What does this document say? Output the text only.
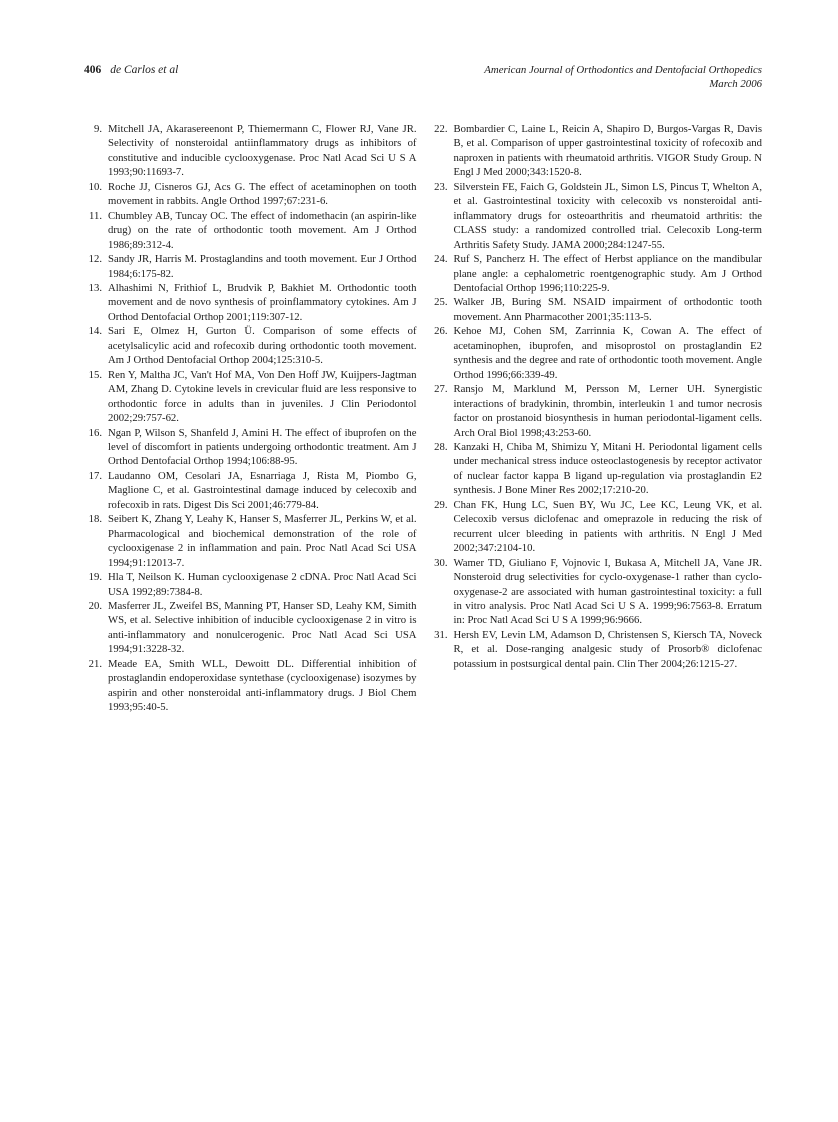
406 de Carlos et al	American Journal of Orthodontics and Dentofacial Orthopedics
March 2006
9. Mitchell JA, Akarasereenont P, Thiemermann C, Flower RJ, Vane JR. Selectivity of nonsteroidal antiinflammatory drugs as inhibitors of constitutive and inducible cyclooxygenase. Proc Natl Acad Sci U S A 1993;90:11693-7.
10. Roche JJ, Cisneros GJ, Acs G. The effect of acetaminophen on tooth movement in rabbits. Angle Orthod 1997;67:231-6.
11. Chumbley AB, Tuncay OC. The effect of indomethacin (an aspirin-like drug) on the rate of orthodontic tooth movement. Am J Orthod 1986;89:312-4.
12. Sandy JR, Harris M. Prostaglandins and tooth movement. Eur J Orthod 1984;6:175-82.
13. Alhashimi N, Frithiof L, Brudvik P, Bakhiet M. Orthodontic tooth movement and de novo synthesis of proinflammatory cytokines. Am J Orthod Dentofacial Orthop 2001;119:307-12.
14. Sari E, Olmez H, Gurton Ü. Comparison of some effects of acetylsalicylic acid and rofecoxib during orthodontic tooth movement. Am J Orthod Dentofacial Orthop 2004;125:310-5.
15. Ren Y, Maltha JC, Van't Hof MA, Von Den Hoff JW, Kuijpers-Jagtman AM, Zhang D. Cytokine levels in crevicular fluid are less responsive to orthodontic force in adults than in juveniles. J Clin Periodontol 2002;29:757-62.
16. Ngan P, Wilson S, Shanfeld J, Amini H. The effect of ibuprofen on the level of discomfort in patients undergoing orthodontic treatment. Am J Orthod Dentofacial Orthop 1994;106:88-95.
17. Laudanno OM, Cesolari JA, Esnarriaga J, Rista M, Piombo G, Maglione C, et al. Gastrointestinal damage induced by celecoxib and rofecoxib in rats. Digest Dis Sci 2001;46:779-84.
18. Seibert K, Zhang Y, Leahy K, Hanser S, Masferrer JL, Perkins W, et al. Pharmacological and biochemical demonstration of the role of cyclooxigenase 2 in inflammation and pain. Proc Natl Acad Sci USA 1994;91:12013-7.
19. Hla T, Neilson K. Human cyclooxigenase 2 cDNA. Proc Natl Acad Sci USA 1992;89:7384-8.
20. Masferrer JL, Zweifel BS, Manning PT, Hanser SD, Leahy KM, Simith WS, et al. Selective inhibition of inducible cyclooxigenase 2 in vitro is anti-inflammatory and nonulcerogenic. Proc Natl Acad Sci USA 1994;91:3228-32.
21. Meade EA, Smith WLL, Dewoitt DL. Differential inhibition of prostaglandin endoperoxidase syntethase (cyclooxigenase) isozymes by aspirin and other nonsteroidal anti-inflammatory drugs. J Biol Chem 1993;95:40-5.
22. Bombardier C, Laine L, Reicin A, Shapiro D, Burgos-Vargas R, Davis B, et al. Comparison of upper gastrointestinal toxicity of rofecoxib and naproxen in patients with rheumatoid arthritis. VIGOR Study Group. N Engl J Med 2000;343:1520-8.
23. Silverstein FE, Faich G, Goldstein JL, Simon LS, Pincus T, Whelton A, et al. Gastrointestinal toxicity with celecoxib vs nonsteroidal anti-inflammatory drugs for osteoarthritis and rheumatoid arthritis: the CLASS study: a randomized controlled trial. Celecoxib Long-term Arthritis Safety Study. JAMA 2000;284:1247-55.
24. Ruf S, Pancherz H. The effect of Herbst appliance on the mandibular plane angle: a cephalometric roentgenographic study. Am J Orthod Dentofacial Orthop 1996;110:225-9.
25. Walker JB, Buring SM. NSAID impairment of orthodontic tooth movement. Ann Pharmacother 2001;35:113-5.
26. Kehoe MJ, Cohen SM, Zarrinnia K, Cowan A. The effect of acetaminophen, ibuprofen, and misoprostol on prostaglandin E2 synthesis and the degree and rate of orthodontic tooth movement. Angle Orthod 1996;66:339-49.
27. Ransjo M, Marklund M, Persson M, Lerner UH. Synergistic interactions of bradykinin, thrombin, interleukin 1 and tumor necrosis factor on prostanoid biosynthesis in human periodontal-ligament cells. Arch Oral Biol 1998;43:253-60.
28. Kanzaki H, Chiba M, Shimizu Y, Mitani H. Periodontal ligament cells under mechanical stress induce osteoclastogenesis by receptor activator of nuclear factor kappa B ligand up-regulation via prostaglandin E2 synthesis. J Bone Miner Res 2002;17:210-20.
29. Chan FK, Hung LC, Suen BY, Wu JC, Lee KC, Leung VK, et al. Celecoxib versus diclofenac and omeprazole in reducing the risk of recurrent ulcer bleeding in patients with arthritis. N Engl J Med 2002;347:2104-10.
30. Wamer TD, Giuliano F, Vojnovic I, Bukasa A, Mitchell JA, Vane JR. Nonsteroid drug selectivities for cyclo-oxygenase-1 rather than cyclo-oxygenase-2 are associated with human gastrointestinal toxicity: a full in vitro analysis. Proc Natl Acad Sci U S A. 1999;96:7563-8. Erratum in: Proc Natl Acad Sci U S A 1999;96:9666.
31. Hersh EV, Levin LM, Adamson D, Christensen S, Kiersch TA, Noveck R, et al. Dose-ranging analgesic study of Prosorb® diclofenac potassium in postsurgical dental pain. Clin Ther 2004;26:1215-27.
